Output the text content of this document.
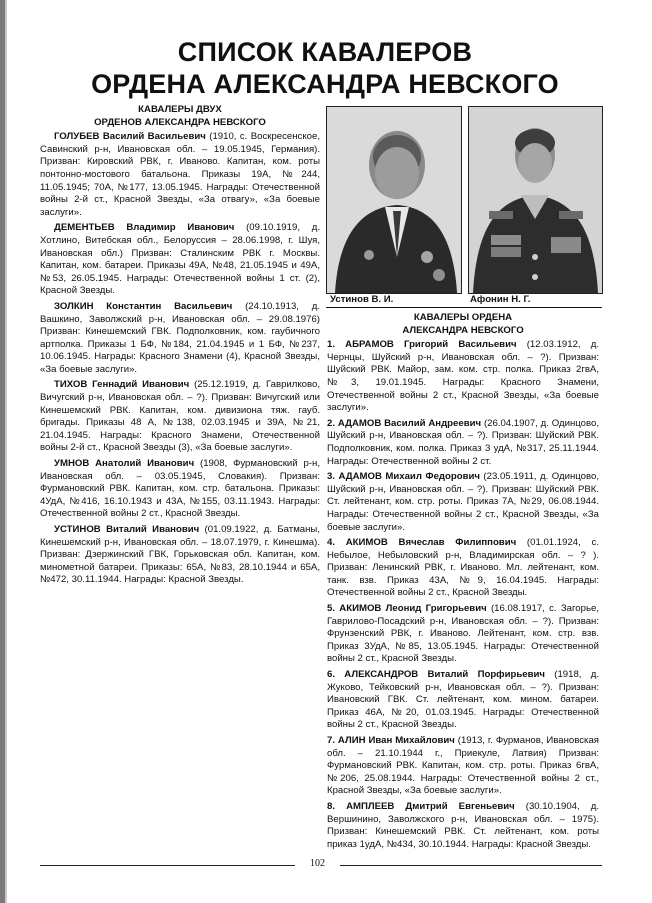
СПИСОК КАВАЛЕРОВ
ОРДЕНА АЛЕКСАНДРА НЕВСКОГО
КАВАЛЕРЫ ДВУХ
ОРДЕНОВ АЛЕКСАНДРА НЕВСКОГО

ГОЛУБЕВ Василий Васильевич (1910, с. Воскресенское, Савинский р-н, Ивановская обл. – 19.05.1945, Германия). Призван: Кировский РВК, г. Иваново. Капитан, ком. роты понтонно-мостового батальона. Приказы 19А, №244, 11.05.1945; 70А, №177, 13.05.1945. Награды: Отечественной войны 2-й ст., Красной Звезды, «За отвагу», «За боевые заслуги».

ДЕМЕНТЬЕВ Владимир Иванович (09.10.1919, д. Хотлино, Витебская обл., Белоруссия – 28.06.1998, г. Шуя, Ивановская обл.) Призван: Сталинским РВК г. Москвы. Капитан, ком. батареи. Приказы 49А, №48, 21.05.1945 и 49А, №53, 26.05.1945. Награды: Отечественной войны 1 ст. (2), Красной Звезды.

ЗОЛКИН Константин Васильевич (24.10.1913, д. Вашкино, Заволжский р-н, Ивановская обл. – 29.08.1976) Призван: Кинешемский ГВК. Подполковник, ком. гаубичного артполка. Приказы 1 БФ, №184, 21.04.1945 и 1 БФ, №237, 10.06.1945. Награды: Красного Знамени (4), Красной Звезды, «За боевые заслуги».

ТИХОВ Геннадий Иванович (25.12.1919, д. Гаврилково, Вичугский р-н, Ивановская обл. – ?). Призван: Вичугский или Кинешемский РВК. Капитан, ком. дивизиона тяж. гауб. бригады. Приказы 48 А, №138, 02.03.1945 и 39А, №21, 21.04.1945. Награды: Красного Знамени, Отечественной войны 2-й ст., Красной Звезды (3), «За боевые заслуги».

УМНОВ Анатолий Иванович (1908, Фурмановский р-н, Ивановская обл. – 03.05.1945, Словакия). Призван: Фурмановский РВК. Капитан, ком. стр. батальона. Приказы: 4УдА, №416, 16.10.1943 и 43А, №155, 03.11.1943. Награды: Отечественной войны 2 ст., Красной Звезды.

УСТИНОВ Виталий Иванович (01.09.1922, д. Батманы, Кинешемский р-н, Ивановская обл. – 18.07.1979, г. Кинешма). Призван: Дзержинский ГВК, Горьковская обл. Капитан, ком. минометной батареи. Приказы: 65А, №83, 28.10.1944 и 65А, №472, 30.11.1944. Награды: Красной Звезды.

Устинов В. И.	Афонин Н. Г.
КАВАЛЕРЫ ОРДЕНА
АЛЕКСАНДРА НЕВСКОГО

1. АБРАМОВ Григорий Васильевич (12.03.1912, д. Чернцы, Шуйский р-н, Ивановская обл. – ?). Призван: Шуйский РВК. Майор, зам. ком. стр. полка. Приказ 2гвА, №3, 19.01.1945. Награды: Красного Знамени, Отечественной войны 2 ст., Красной Звезды, «За боевые заслуги».

2. АДАМОВ Василий Андреевич (26.04.1907, д. Одинцово, Шуйский р-н, Ивановская обл. – ?). Призван: Шуйский РВК. Подполковник, ком. полка. Приказ 3 удА, №317, 25.11.1944. Награды: Отечественной войны 2 ст.

3. АДАМОВ Михаил Федорович (23.05.1911, д. Одинцово, Шуйский р-н, Ивановская обл. – ?). Призван: Шуйский РВК. Ст. лейтенант, ком. стр. роты. Приказ 7А, №29, 06.08.1944. Награды: Отечественной войны 2 ст., Красной Звезды, «За боевые заслуги».

4. АКИМОВ Вячеслав Филиппович (01.01.1924, с. Небылое, Небыловский р-н, Владимирская обл. – ? ). Призван: Ленинский РВК, г. Иваново. Мл. лейтенант, ком. танк. взв. Приказ 43А, №9, 16.04.1945. Награды: Отечественной войны 2 ст., Красной Звезды.

5. АКИМОВ Леонид Григорьевич (16.08.1917, с. Загорье, Гаврилово-Посадский р-н, Ивановская обл. – ?). Призван: Фрунзенский РВК, г. Иваново. Лейтенант, ком. стр. взв. Приказ 3УдА, №85, 13.05.1945. Награды: Отечественной войны 2 ст., Красной Звезды.

6. АЛЕКСАНДРОВ Виталий Порфирьевич (1918, д. Жуково, Тейковский р-н, Ивановская обл. – ?). Призван: Ивановский ГВК. Ст. лейтенант, ком. мином. батареи. Приказ 46А, №20, 01.03.1945. Награды: Отечественной войны 2 ст., Красной Звезды.

7. АЛИН Иван Михайлович (1913, г. Фурманов, Ивановская обл. – 21.10.1944 г., Приекуле, Латвия) Призван: Фурмановский РВК. Капитан, ком. стр. роты. Приказ 6гвА, №206, 25.08.1944. Награды: Отечественной войны 2 ст., Красной Звезды, «За боевые заслуги».

8. АМПЛЕЕВ Дмитрий Евгеньевич (30.10.1904, д. Вершинино, Заволжского р-н, Ивановская обл. – 1975). Призван: Кинешемский РВК. Ст. лейтенант, ком. роты приказ 1удА, №434, 30.10.1944. Награды: Красной Звезды.

102
